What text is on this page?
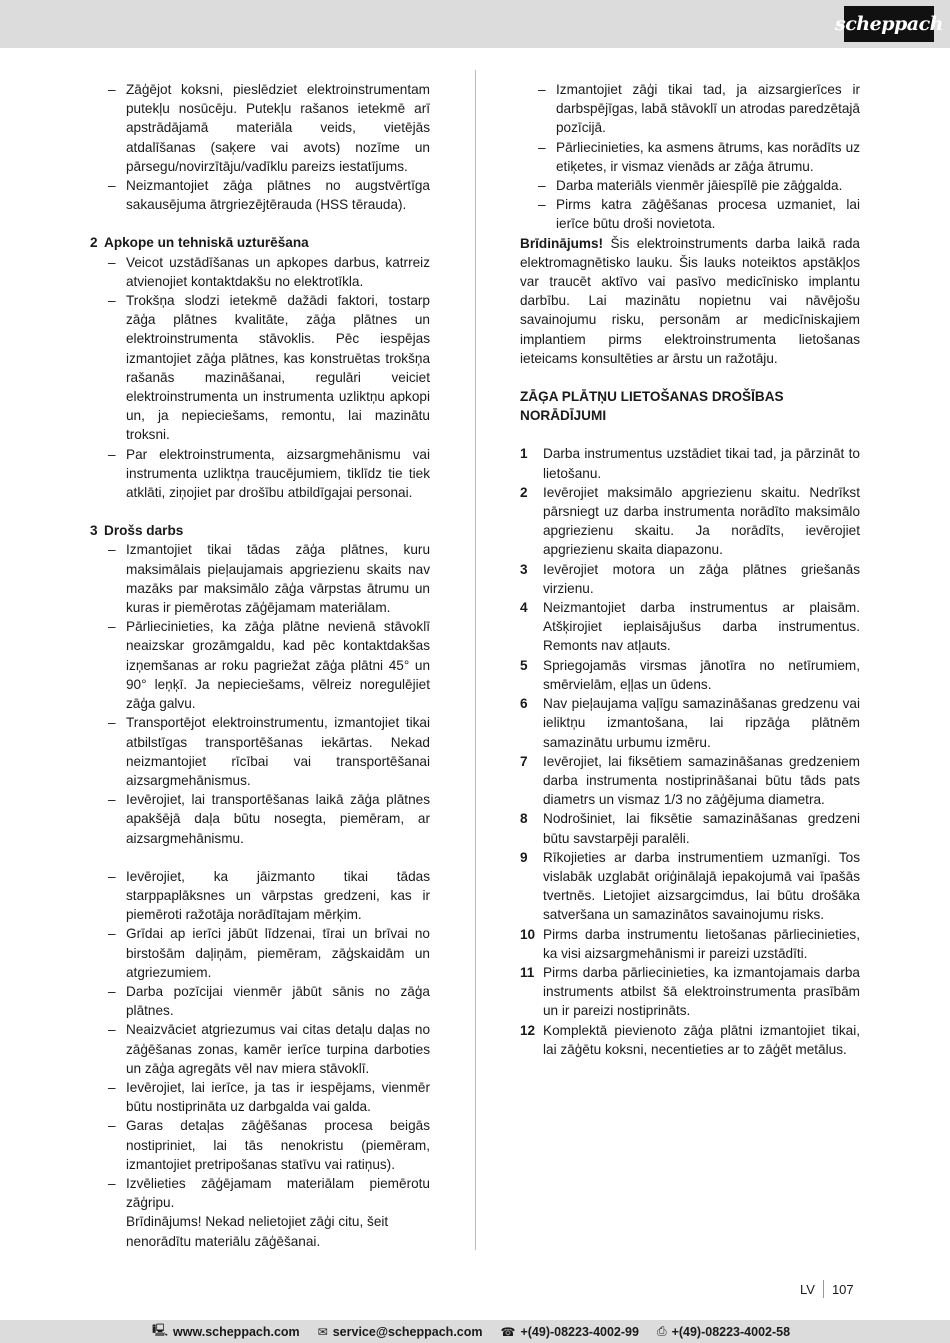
scheppach
– Zāģējot koksni, pieslēdziet elektroinstrumentam putekļu nosūcēju. Putekļu rašanos ietekmē arī apstrādājamā materiāla veids, vietējās atdalīšanas (saķere vai avots) nozīme un pārsegu/novirzītāju/vadīklu pareizs iestatījums.
– Neizmantojiet zāģa plātnes no augstvērtīga sakausējuma ātrgriezējtērauda (HSS tērauda).
2 Apkope un tehniskā uzturēšana
– Veicot uzstādīšanas un apkopes darbus, katrreiz atvienojiet kontaktdakšu no elektrotīkla.
– Trokšņa slodzi ietekmē dažādi faktori, tostarp zāģa plātnes kvalitāte, zāģa plātnes un elektroinstrumenta stāvoklis. Pēc iespējas izmantojiet zāģa plātnes, kas konstruētas trokšņa rašanās mazināšanai, regulāri veiciet elektroinstrumenta un instrumenta uzliktņu apkopi un, ja nepieciešams, remontu, lai mazinātu troksni.
– Par elektroinstrumenta, aizsargmehānismu vai instrumenta uzliktņa traucējumiem, tiklīdz tie tiek atklāti, ziņojiet par drošību atbildīgajai personai.
3 Drošs darbs
– Izmantojiet tikai tādas zāģa plātnes, kuru maksimālais pieļaujamais apgriezienu skaits nav mazāks par maksimālo zāģa vārpstas ātrumu un kuras ir piemērotas zāģējamam materiālam.
– Pārliecinieties, ka zāģa plātne nevienā stāvoklī neaizskar grozāmgaldu, kad pēc kontaktdakšas izņemšanas ar roku pagriežat zāģa plātni 45° un 90° leņķī. Ja nepieciešams, vēlreiz noregulējiet zāģa galvu.
– Transportējot elektroinstrumentu, izmantojiet tikai atbilstīgas transportēšanas iekārtas. Nekad neizmantojiet rīcībai vai transportēšanai aizsargmehānismus.
– Ievērojiet, lai transportēšanas laikā zāģa plātnes apakšējā daļa būtu nosegta, piemēram, ar aizsargmehānismu.
– Ievērojiet, ka jāizmanto tikai tādas starppaplāksnes un vārpstas gredzeni, kas ir piemēroti ražotāja norādītajam mērķim.
– Grīdai ap ierīci jābūt līdzenai, tīrai un brīvai no birstošām daļiņām, piemēram, zāģskaidām un atgriezumiem.
– Darba pozīcijai vienmēr jābūt sānis no zāģa plātnes.
– Neaizvāciet atgriezumus vai citas detaļu daļas no zāģēšanas zonas, kamēr ierīce turpina darboties un zāģa agregāts vēl nav miera stāvoklī.
– Ievērojiet, lai ierīce, ja tas ir iespējams, vienmēr būtu nostiprināta uz darbgalda vai galda.
– Garas detaļas zāģēšanas procesa beigās nostipriniet, lai tās nenokristu (piemēram, izmantojiet pretripošanas statīvu vai ratiņus).
– Izvēlieties zāģējamam materiālam piemērotu zāģripu.
Brīdinājums! Nekad nelietojiet zāģi citu, šeit nenorādītu materiālu zāģēšanai.
– Izmantojiet zāģi tikai tad, ja aizsargierīces ir darbspējīgas, labā stāvoklī un atrodas paredzētajā pozīcijā.
– Pārliecinieties, ka asmens ātrums, kas norādīts uz etiķetes, ir vismaz vienāds ar zāģa ātrumu.
– Darba materiāls vienmēr jāiespīlē pie zāģgalda.
– Pirms katra zāģēšanas procesa uzmaniet, lai ierīce būtu droši novietota.
Brīdinājums! Šis elektroinstruments darba laikā rada elektromagnētisko lauku. Šis lauks noteiktos apstākļos var traucēt aktīvo vai pasīvo medicīnisko implantu darbību. Lai mazinātu nopietnu vai nāvējošu savainojumu risku, personām ar medicīniskajiem implantiem pirms elektroinstrumenta lietošanas ieteicams konsultēties ar ārstu un ražotāju.
ZĀĢA PLĀTŅU LIETOŠANAS DROŠĪBAS
NORĀDĪJUMI
1 Darba instrumentus uzstādiet tikai tad, ja pārzināt to lietošanu.
2 Ievērojiet maksimālo apgriezienu skaitu. Nedrīkst pārsniegt uz darba instrumenta norādīto maksimālo apgriezienu skaitu. Ja norādīts, ievērojiet apgriezienu skaita diapazonu.
3 Ievērojiet motora un zāģa plātnes griešanās virzienu.
4 Neizmantojiet darba instrumentus ar plaisām. Atšķirojiet ieplaisājušus darba instrumentus. Remonts nav atļauts.
5 Spriegojamās virsmas jānotīra no netīrumiem, smērvielām, eļļas un ūdens.
6 Nav pieļaujama vaļīgu samazināšanas gredzenu vai ieliktņu izmantošana, lai ripzāģa plātnēm samazinātu urbumu izmēru.
7 Ievērojiet, lai fiksētiem samazināšanas gredzeniem darba instrumenta nostiprināšanai būtu tāds pats diametrs un vismaz 1/3 no zāģējuma diametra.
8 Nodrošiniet, lai fiksētie samazināšanas gredzeni būtu savstarpēji paralēli.
9 Rīkojieties ar darba instrumentiem uzmanīgi. Tos vislabāk uzglabāt oriģinālajā iepakojumā vai īpašās tvertnēs. Lietojiet aizsargcimdus, lai būtu drošāka satveršana un samazinātos savainojumu risks.
10 Pirms darba instrumentu lietošanas pārliecinieties, ka visi aizsargmehānismi ir pareizi uzstādīti.
11 Pirms darba pārliecinieties, ka izmantojamais darba instruments atbilst šā elektroinstrumenta prasībām un ir pareizi nostiprināts.
12 Komplektā pievienoto zāģa plātni izmantojiet tikai, lai zāģētu koksni, necentieties ar to zāģēt metālus.
LV 107
🖳 www.scheppach.com ✉ service@scheppach.com ☎ +(49)-08223-4002-99 ⎙ +(49)-08223-4002-58
